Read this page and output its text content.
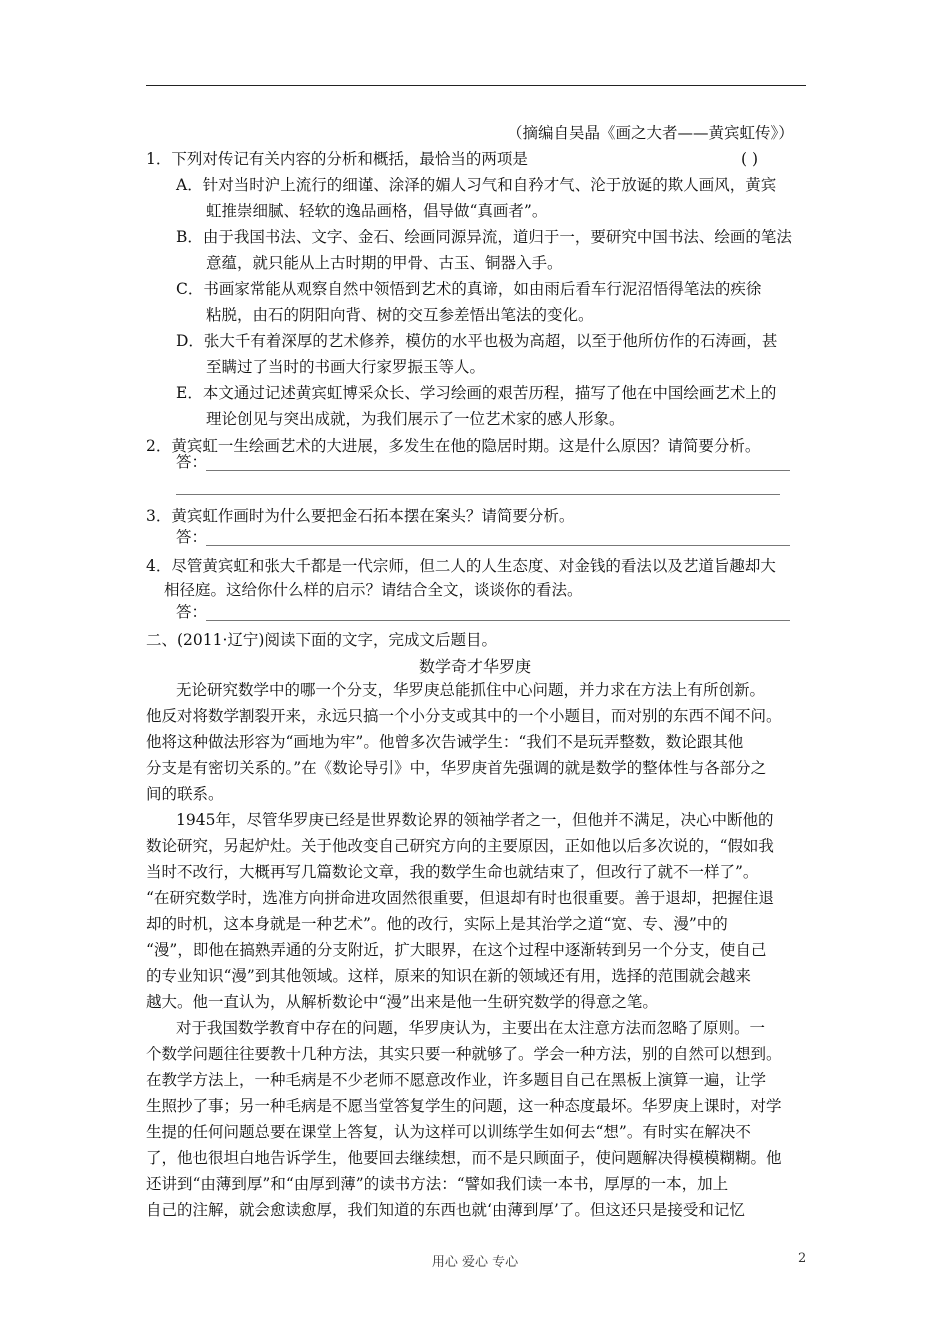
（摘编自吴晶《画之大者——黄宾虹传》）
1．下列对传记有关内容的分析和概括，最恰当的两项是	( )
A．针对当时沪上流行的细谨、涂泽的媚人习气和自矜才气、沦于放诞的欺人画风，黄宾
虹推崇细腻、轻软的逸品画格，倡导做“真画者”。
B．由于我国书法、文字、金石、绘画同源异流，道归于一，要研究中国书法、绘画的笔法
意蕴，就只能从上古时期的甲骨、古玉、铜器入手。
C．书画家常能从观察自然中领悟到艺术的真谛，如由雨后看车行泥沼悟得笔法的疾徐
粘脱，由石的阴阳向背、树的交互参差悟出笔法的变化。
D．张大千有着深厚的艺术修养，模仿的水平也极为高超，以至于他所仿作的石涛画，甚
至瞒过了当时的书画大行家罗振玉等人。
E．本文通过记述黄宾虹博采众长、学习绘画的艰苦历程，描写了他在中国绘画艺术上的
理论创见与突出成就，为我们展示了一位艺术家的感人形象。
2．黄宾虹一生绘画艺术的大进展，多发生在他的隐居时期。这是什么原因？请简要分析。
答：
3．黄宾虹作画时为什么要把金石拓本摆在案头？请简要分析。
答：
4．尽管黄宾虹和张大千都是一代宗师，但二人的人生态度、对金钱的看法以及艺道旨趣却大
相径庭。这给你什么样的启示？请结合全文，谈谈你的看法。
答：
二、(2011·辽宁)阅读下面的文字，完成文后题目。
数学奇才华罗庚
无论研究数学中的哪一个分支，华罗庚总能抓住中心问题，并力求在方法上有所创新。
他反对将数学割裂开来，永远只搞一个小分支或其中的一个小题目，而对别的东西不闻不问。
他将这种做法形容为“画地为牢”。他曾多次告诫学生：“我们不是玩弄整数，数论跟其他
分支是有密切关系的。”在《数论导引》中，华罗庚首先强调的就是数学的整体性与各部分之
间的联系。
1945年，尽管华罗庚已经是世界数论界的领袖学者之一，但他并不满足，决心中断他的
数论研究，另起炉灶。关于他改变自己研究方向的主要原因，正如他以后多次说的，“假如我
当时不改行，大概再写几篇数论文章，我的数学生命也就结束了，但改行了就不一样了”。
“在研究数学时，选准方向拼命进攻固然很重要，但退却有时也很重要。善于退却，把握住退
却的时机，这本身就是一种艺术”。他的改行，实际上是其治学之道“宽、专、漫”中的
“漫”，即他在搞熟弄通的分支附近，扩大眼界，在这个过程中逐渐转到另一个分支，使自己
的专业知识“漫”到其他领域。这样，原来的知识在新的领域还有用，选择的范围就会越来
越大。他一直认为，从解析数论中“漫”出来是他一生研究数学的得意之笔。
对于我国数学教育中存在的问题，华罗庚认为，主要出在太注意方法而忽略了原则。一
个数学问题往往要教十几种方法，其实只要一种就够了。学会一种方法，别的自然可以想到。
在教学方法上，一种毛病是不少老师不愿意改作业，许多题目自己在黑板上演算一遍，让学
生照抄了事；另一种毛病是不愿当堂答复学生的问题，这一种态度最坏。华罗庚上课时，对学
生提的任何问题总要在课堂上答复，认为这样可以训练学生如何去“想”。有时实在解决不
了，他也很坦白地告诉学生，他要回去继续想，而不是只顾面子，使问题解决得模模糊糊。他
还讲到“由薄到厚”和“由厚到薄”的读书方法：“譬如我们读一本书，厚厚的一本，加上
自己的注解，就会愈读愈厚，我们知道的东西也就‘由薄到厚’了。但这还只是接受和记忆
用心 爱心 专心	2
